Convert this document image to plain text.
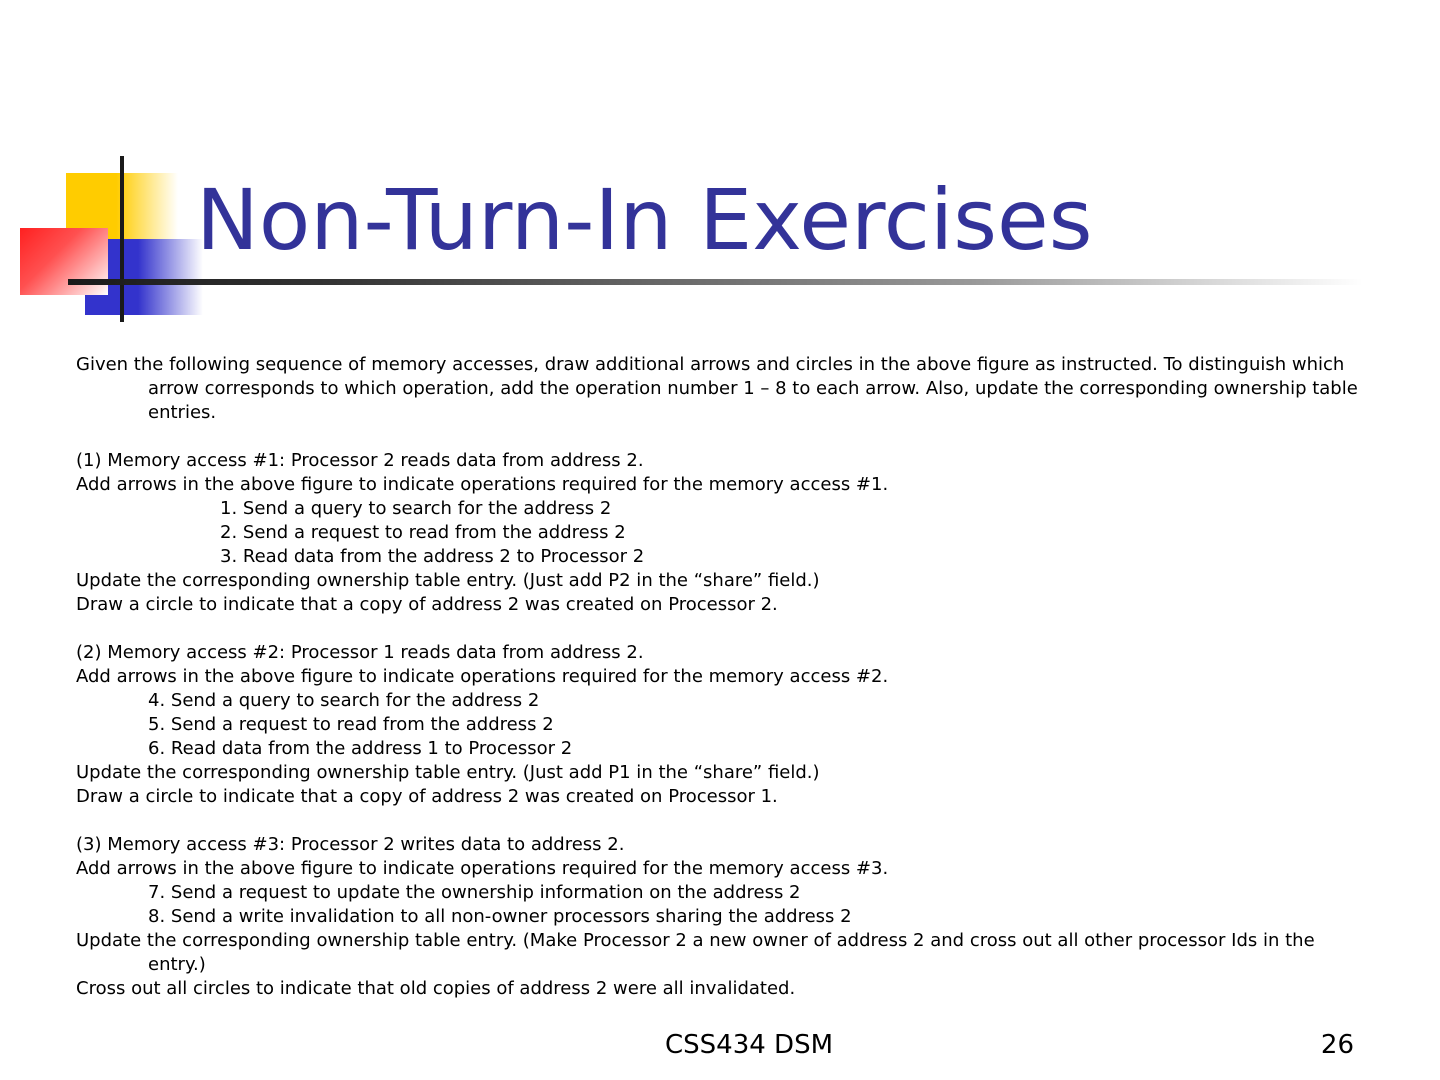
Non-Turn-In Exercises

Given the following sequence of memory accesses, draw additional arrows and circles in the above figure as instructed. To distinguish which arrow corresponds to which operation, add the operation number 1 – 8 to each arrow. Also, update the corresponding ownership table entries.

(1) Memory access #1: Processor 2 reads data from address 2.

Add arrows in the above figure to indicate operations required for the memory access #1.

1. Send a query to search for the address 2

2. Send a request to read from the address 2

3. Read data from the address 2 to Processor 2

Update the corresponding ownership table entry. (Just add P2 in the “share” field.)

Draw a circle to indicate that a copy of address 2 was created on Processor 2.

(2) Memory access #2: Processor 1 reads data from address 2.

Add arrows in the above figure to indicate operations required for the memory access #2.

4. Send a query to search for the address 2

5. Send a request to read from the address 2

6. Read data from the address 1 to Processor 2

Update the corresponding ownership table entry. (Just add P1 in the “share” field.)

Draw a circle to indicate that a copy of address 2 was created on Processor 1.

(3) Memory access #3: Processor 2 writes data to address 2.

Add arrows in the above figure to indicate operations required for the memory access #3.

7. Send a request to update the ownership information on the address 2

8. Send a write invalidation to all non-owner processors sharing the address 2

Update the corresponding ownership table entry. (Make Processor 2 a new owner of address 2 and cross out all other processor Ids in the entry.)

Cross out all circles to indicate that old copies of address 2 were all invalidated.

CSS434 DSM	26
